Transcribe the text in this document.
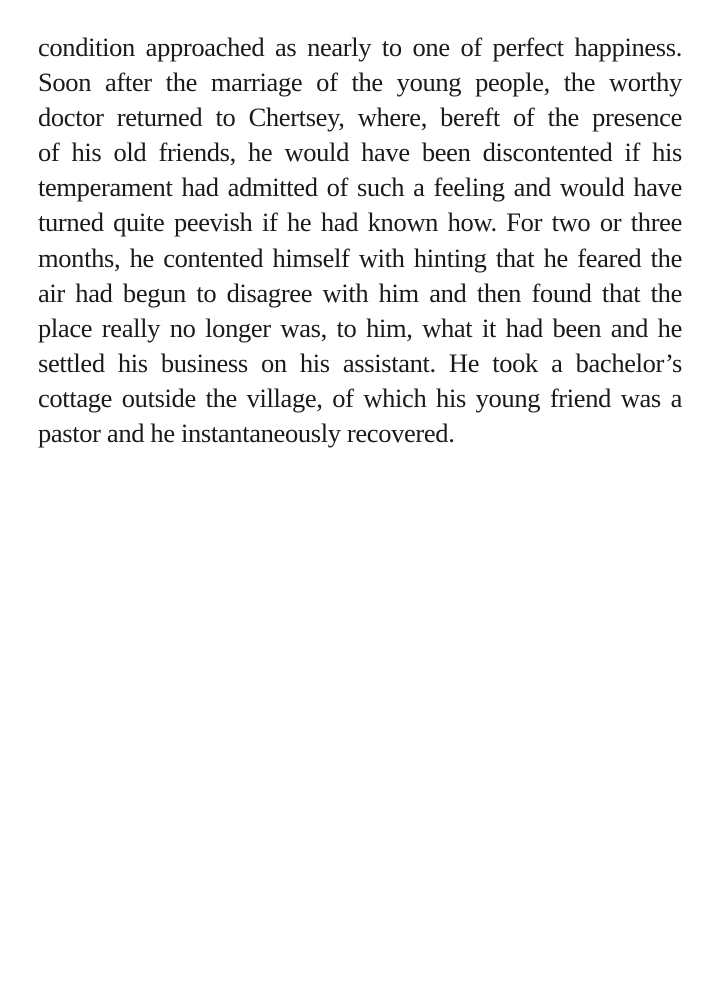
condition approached as nearly to one of perfect happiness.
Soon after the marriage of the young people, the worthy
doctor returned to Chertsey, where, bereft of the presence
of his old friends, he would have been discontented if his
temperament had admitted of such a feeling and would have
turned quite peevish if he had known how. For two or three
months, he contented himself with hinting that he feared the
air had begun to disagree with him and then found that the
place really no longer was, to him, what it had been and he
settled his business on his assistant. He took a bachelor’s
cottage outside the village, of which his young friend was a
pastor and he instantaneously recovered.
